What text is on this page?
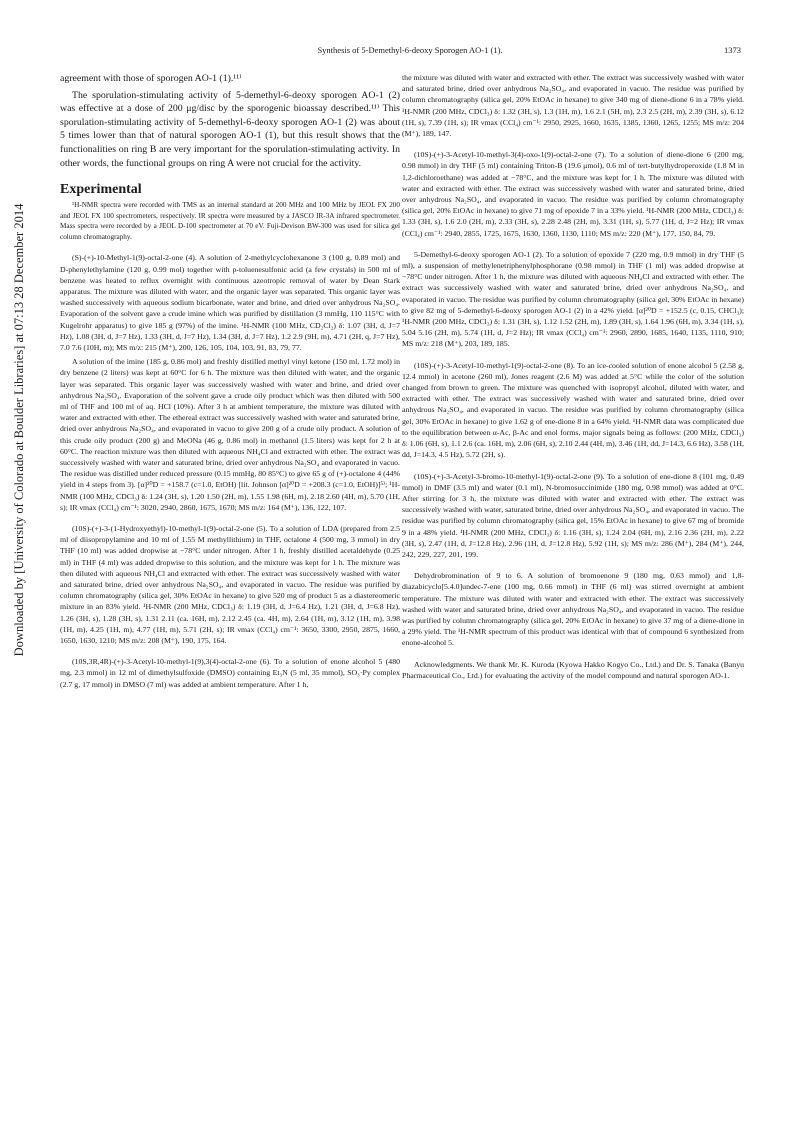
Synthesis of 5-Demethyl-6-deoxy Sporogen AO-1 (1).	1373
Downloaded by [University of Colorado at Boulder Libraries] at 07:13 28 December 2014

agreement with those of sporogen AO-1 (1).¹¹⁾

The sporulation-stimulating activity of 5-demethyl-6-deoxy sporogen AO-1 (2) was effective at a dose of 200 μg/disc by the sporogenic bioassay described.¹¹⁾ This sporulation-stimulating activity of 5-demethyl-6-deoxy sporogen AO-1 (2) was about 5 times lower than that of natural sporogen AO-1 (1), but this result shows that the functionalities on ring B are very important for the sporulation-stimulating activity. In other words, the functional groups on ring A were not crucial for the activity.

Experimental

¹H-NMR spectra were recorded with TMS as an internal standard at 200 MHz and 100 MHz by JEOL FX 200 and JEOL FX 100 spectrometers, respectively. IR spectra were measured by a JASCO IR-3A infrared spectrometer. Mass spectra were recorded by a JEOL D-100 spectrometer at 70 eV. Fuji-Devison BW-300 was used for silica gel column chromatography.

(S)-(+)-10-Methyl-1(9)-octal-2-one (4). A solution of 2-methylcyclohexanone 3 (100 g, 0.89 mol) and D-phenylethylamine (120 g, 0.99 mol) together with p-toluenesulfonic acid (a few crystals) in 500 ml of benzene was heated to reflux overnight with continuous azeotropic removal of water by Dean Stark apparatus. The mixture was diluted with water, and the organic layer was separated. This organic layer was washed successively with aqueous sodium bicarbonate, water and brine, and dried over anhydrous Na₂SO₄. Evaporation of the solvent gave a crude imine which was purified by distillation (3 mmHg, 110 115°C with Kugelrohr apparatus) to give 185 g (97%) of the imine. ¹H-NMR (100 MHz, CD₂Cl₂) δ: 1.07 (3H, d, J=7 Hz), 1.08 (3H, d, J=7 Hz), 1.33 (3H, d, J=7 Hz), 1.34 (3H, d, J=7 Hz), 1.2 2.9 (9H, m), 4.71 (2H, q, J=7 Hz), 7.0 7.6 (10H, m); MS m/z: 215 (M⁺), 200, 126, 105, 104, 103, 91, 83, 79, 77.

A solution of the imine (185 g, 0.86 mol) and freshly distilled methyl vinyl ketone (150 ml, 1.72 mol) in dry benzene (2 liters) was kept at 60°C for 6 h. The mixture was then diluted with water, and the organic layer was separated. This organic layer was successively washed with water and brine, and dried over anhydrous Na₂SO₄. Evaporation of the solvent gave a crude oily product which was then diluted with 500 ml of THF and 100 ml of aq. HCl (10%). After 3 h at ambient temperature, the mixture was diluted with water and extracted with ether. The ethereal extract was successively washed with water and saturated brine, dried over anhydrous Na₂SO₄, and evaporated in vacuo to give 200 g of a crude oily product. A solution of this crude oily product (200 g) and MeONa (46 g, 0.86 mol) in methanol (1.5 liters) was kept for 2 h at 60°C. The reaction mixture was then diluted with aqueous NH₄Cl and extracted with ether. The extract was successively washed with water and saturated brine, dried over anhydrous Na₂SO₄ and evaporated in vacuo. The residue was distilled under reduced pressure (0.15 mmHg, 80 85°C) to give 65 g of (+)-octalone 4 (44% yield in 4 steps from 3). [α]²⁰D = +158.7 (c=1.0, EtOH) [lit. Johnson [α]²⁰D = +208.3 (c=1.0, EtOH)]⁵⁾; ¹H-NMR (100 MHz, CDCl₃) δ: 1.24 (3H, s), 1.20 1.50 (2H, m), 1.55 1.98 (6H, m), 2.18 2.60 (4H, m), 5.70 (1H, s); IR νmax (CCl₄) cm⁻¹: 3020, 2940, 2860, 1675, 1670; MS m/z: 164 (M⁺), 136, 122, 107.

(10S)-(+)-3-(1-Hydroxyethyl)-10-methyl-1(9)-octal-2-one (5). To a solution of LDA (prepared from 2.5 ml of diisopropylamine and 10 ml of 1.55 M methyllithium) in THF, octalone 4 (500 mg, 3 mmol) in dry THF (10 ml) was added dropwise at −78°C under nitrogen. After 1 h, freshly distilled acetaldehyde (0.25 ml) in THF (4 ml) was added dropwise to this solution, and the mixture was kept for 1 h. The mixture was then diluted with aqueous NH₄Cl and extracted with ether. The extract was successively washed with water and saturated brine, dried over anhydrous Na₂SO₄, and evaporated in vacuo. The residue was purified by column chromatography (silica gel, 30% EtOAc in hexane) to give 520 mg of product 5 as a diastereomeric mixture in an 83% yield. ¹H-NMR (200 MHz, CDCl₃) δ: 1.19 (3H, d, J=6.4 Hz), 1.21 (3H, d, J=6.8 Hz), 1.26 (3H, s), 1.28 (3H, s), 1.31 2.11 (ca. 16H, m), 2.12 2.45 (ca. 4H, m), 2.64 (1H, m), 3.12 (1H, m), 3.98 (1H, m), 4.25 (1H, m), 4.77 (1H, m), 5.71 (2H, s); IR νmax (CCl₄) cm⁻¹: 3650, 3300, 2950, 2875, 1660, 1650, 1630, 1210; MS m/z: 208 (M⁺), 190, 175, 164.

(10S,3R,4R)-(+)-3-Acetyl-10-methyl-1(9),3(4)-octal-2-one (6). To a solution of enone alcohol 5 (480 mg, 2.3 mmol) in 12 ml of dimethylsulfoxide (DMSO) containing Et₃N (5 ml, 35 mmol), SO₃·Py complex (2.7 g, 17 mmol) in DMSO (7 ml) was added at ambient temperature. After 1 h,

the mixture was diluted with water and extracted with ether. The extract was successively washed with water and saturated brine, dried over anhydrous Na₂SO₄, and evaporated in vacuo. The residue was purified by column chromatography (silica gel, 20% EtOAc in hexane) to give 340 mg of diene-dione 6 in a 78% yield. ¹H-NMR (200 MHz, CDCl₃) δ: 1.32 (3H, s), 1.3 (1H, m), 1.6 2.1 (5H, m), 2.3 2.5 (2H, m), 2.39 (3H, s), 6.12 (1H, s), 7.39 (1H, s); IR νmax (CCl₄) cm⁻¹: 2950, 2925, 1660, 1635, 1385, 1360, 1265, 1255; MS m/z: 204 (M⁺), 189, 147.

(10S)-(+)-3-Acetyl-10-methyl-3(4)-oxo-1(9)-octal-2-one (7). To a solution of diene-dione 6 (200 mg, 0.98 mmol) in dry THF (5 ml) containing Triton-B (19.6 μmol), 0.6 ml of tert-butylhydroperoxide (1.8 M in 1,2-dichloroethane) was added at −78°C, and the mixture was kept for 1 h. The mixture was diluted with water and extracted with ether. The extract was successively washed with water and saturated brine, dried over anhydrous Na₂SO₄, and evaporated in vacuo. The residue was purified by column chromatography (silica gel, 20% EtOAc in hexane) to give 71 mg of epoxide 7 in a 33% yield. ¹H-NMR (200 MHz, CDCl₃) δ: 1.33 (3H, s), 1.6 2.0 (2H, m), 2.33 (3H, s), 2.28 2.48 (2H, m), 3.31 (1H, s), 5.77 (1H, d, J=2 Hz); IR νmax (CCl₄) cm⁻¹: 2940, 2855, 1725, 1675, 1630, 1360, 1130, 1110; MS m/z: 220 (M⁺), 177, 150, 84, 79.

5-Demethyl-6-deoxy sporogen AO-1 (2). To a solution of epoxide 7 (220 mg, 0.9 mmol) in dry THF (5 ml), a suspension of methylenetriphenylphosphorane (0.98 mmol) in THF (1 ml) was added dropwise at −78°C under nitrogen. After 1 h, the mixture was diluted with aqueous NH₄Cl and extracted with ether. The extract was successively washed with water and saturated brine, dried over anhydrous Na₂SO₄, and evaporated in vacuo. The residue was purified by column chromatography (silica gel, 30% EtOAc in hexane) to give 82 mg of 5-demethyl-6-deoxy sporogen AO-1 (2) in a 42% yield. [α]²⁰D = +152.5 (c, 0.15, CHCl₃); ¹H-NMR (200 MHz, CDCl₃) δ: 1.31 (3H, s), 1.12 1.52 (2H, m), 1.89 (3H, s), 1.64 1.96 (6H, m), 3.34 (1H, s), 5.04 5.16 (2H, m), 5.74 (1H, d, J=2 Hz); IR νmax (CCl₄) cm⁻¹: 2960, 2890, 1685, 1640, 1135, 1110, 910; MS m/z: 218 (M⁺), 203, 189, 185.

(10S)-(+)-3-Acetyl-10-methyl-1(9)-octal-2-one (8). To an ice-cooled solution of enone alcohol 5 (2.58 g, 12.4 mmol) in acetone (260 ml), Jones reagent (2.6 M) was added at 5°C while the color of the solution changed from brown to green. The mixture was quenched with isopropyl alcohol, diluted with water, and extracted with ether. The extract was successively washed with water and saturated brine, dried over anhydrous Na₂SO₄, and evaporated in vacuo. The residue was purified by column chromatography (silica gel, 30% EtOAc in hexane) to give 1.62 g of ene-dione 8 in a 64% yield. ¹H-NMR data was complicated due to the equilibration between α-Ac, β-Ac and enol forms, major signals being as follows: (200 MHz, CDCl₃) δ: 1.06 (6H, s), 1.1 2.6 (ca. 16H, m), 2.06 (6H, s), 2.10 2.44 (4H, m), 3.46 (1H, dd, J=14.3, 6.6 Hz), 3.58 (1H, dd, J=14.3, 4.5 Hz), 5.72 (2H, s).

(10S)-(+)-3-Acetyl-3-bromo-10-methyl-1(9)-octal-2-one (9). To a solution of ene-dione 8 (101 mg, 0.49 mmol) in DMF (3.5 ml) and water (0.1 ml), N-bromosuccinimide (180 mg, 0.98 mmol) was added at 0°C. After stirring for 3 h, the mixture was diluted with water and extracted with ether. The extract was successively washed with water, saturated brine, dried over anhydrous Na₂SO₄, and evaporated in vacuo. The residue was purified by column chromatography (silica gel, 15% EtOAc in hexane) to give 67 mg of bromide 9 in a 48% yield. ¹H-NMR (200 MHz, CDCl₃) δ: 1.16 (3H, s), 1.24 2.04 (6H, m), 2.16 2.36 (2H, m), 2.22 (3H, s), 2.47 (1H, d, J=12.8 Hz), 2.96 (1H, d, J=12.8 Hz), 5.92 (1H, s); MS m/z: 286 (M⁺), 284 (M⁺), 244, 242, 229, 227, 201, 199.

Dehydrobromination of 9 to 6. A solution of bromoenone 9 (180 mg, 0.63 mmol) and 1,8-diazabicyclo[5.4.0]undec-7-ene (100 mg, 0.66 mmol) in THF (6 ml) was stirred overnight at ambient temperature. The mixture was diluted with water and extracted with ether. The extract was successively washed with water and saturated brine, dried over anhydrous Na₂SO₄, and evaporated in vacuo. The residue was purified by column chromatography (silica gel, 20% EtOAc in hexane) to give 37 mg of a diene-dione in a 29% yield. The ¹H-NMR spectrum of this product was identical with that of compound 6 synthesized from enone-alcohol 5.

Acknowledgments. We thank Mr. K. Kuroda (Kyowa Hakko Kogyo Co., Ltd.) and Dr. S. Tanaka (Banyu Pharmaceutical Co., Ltd.) for evaluating the activity of the model compound and natural sporogen AO-1.
